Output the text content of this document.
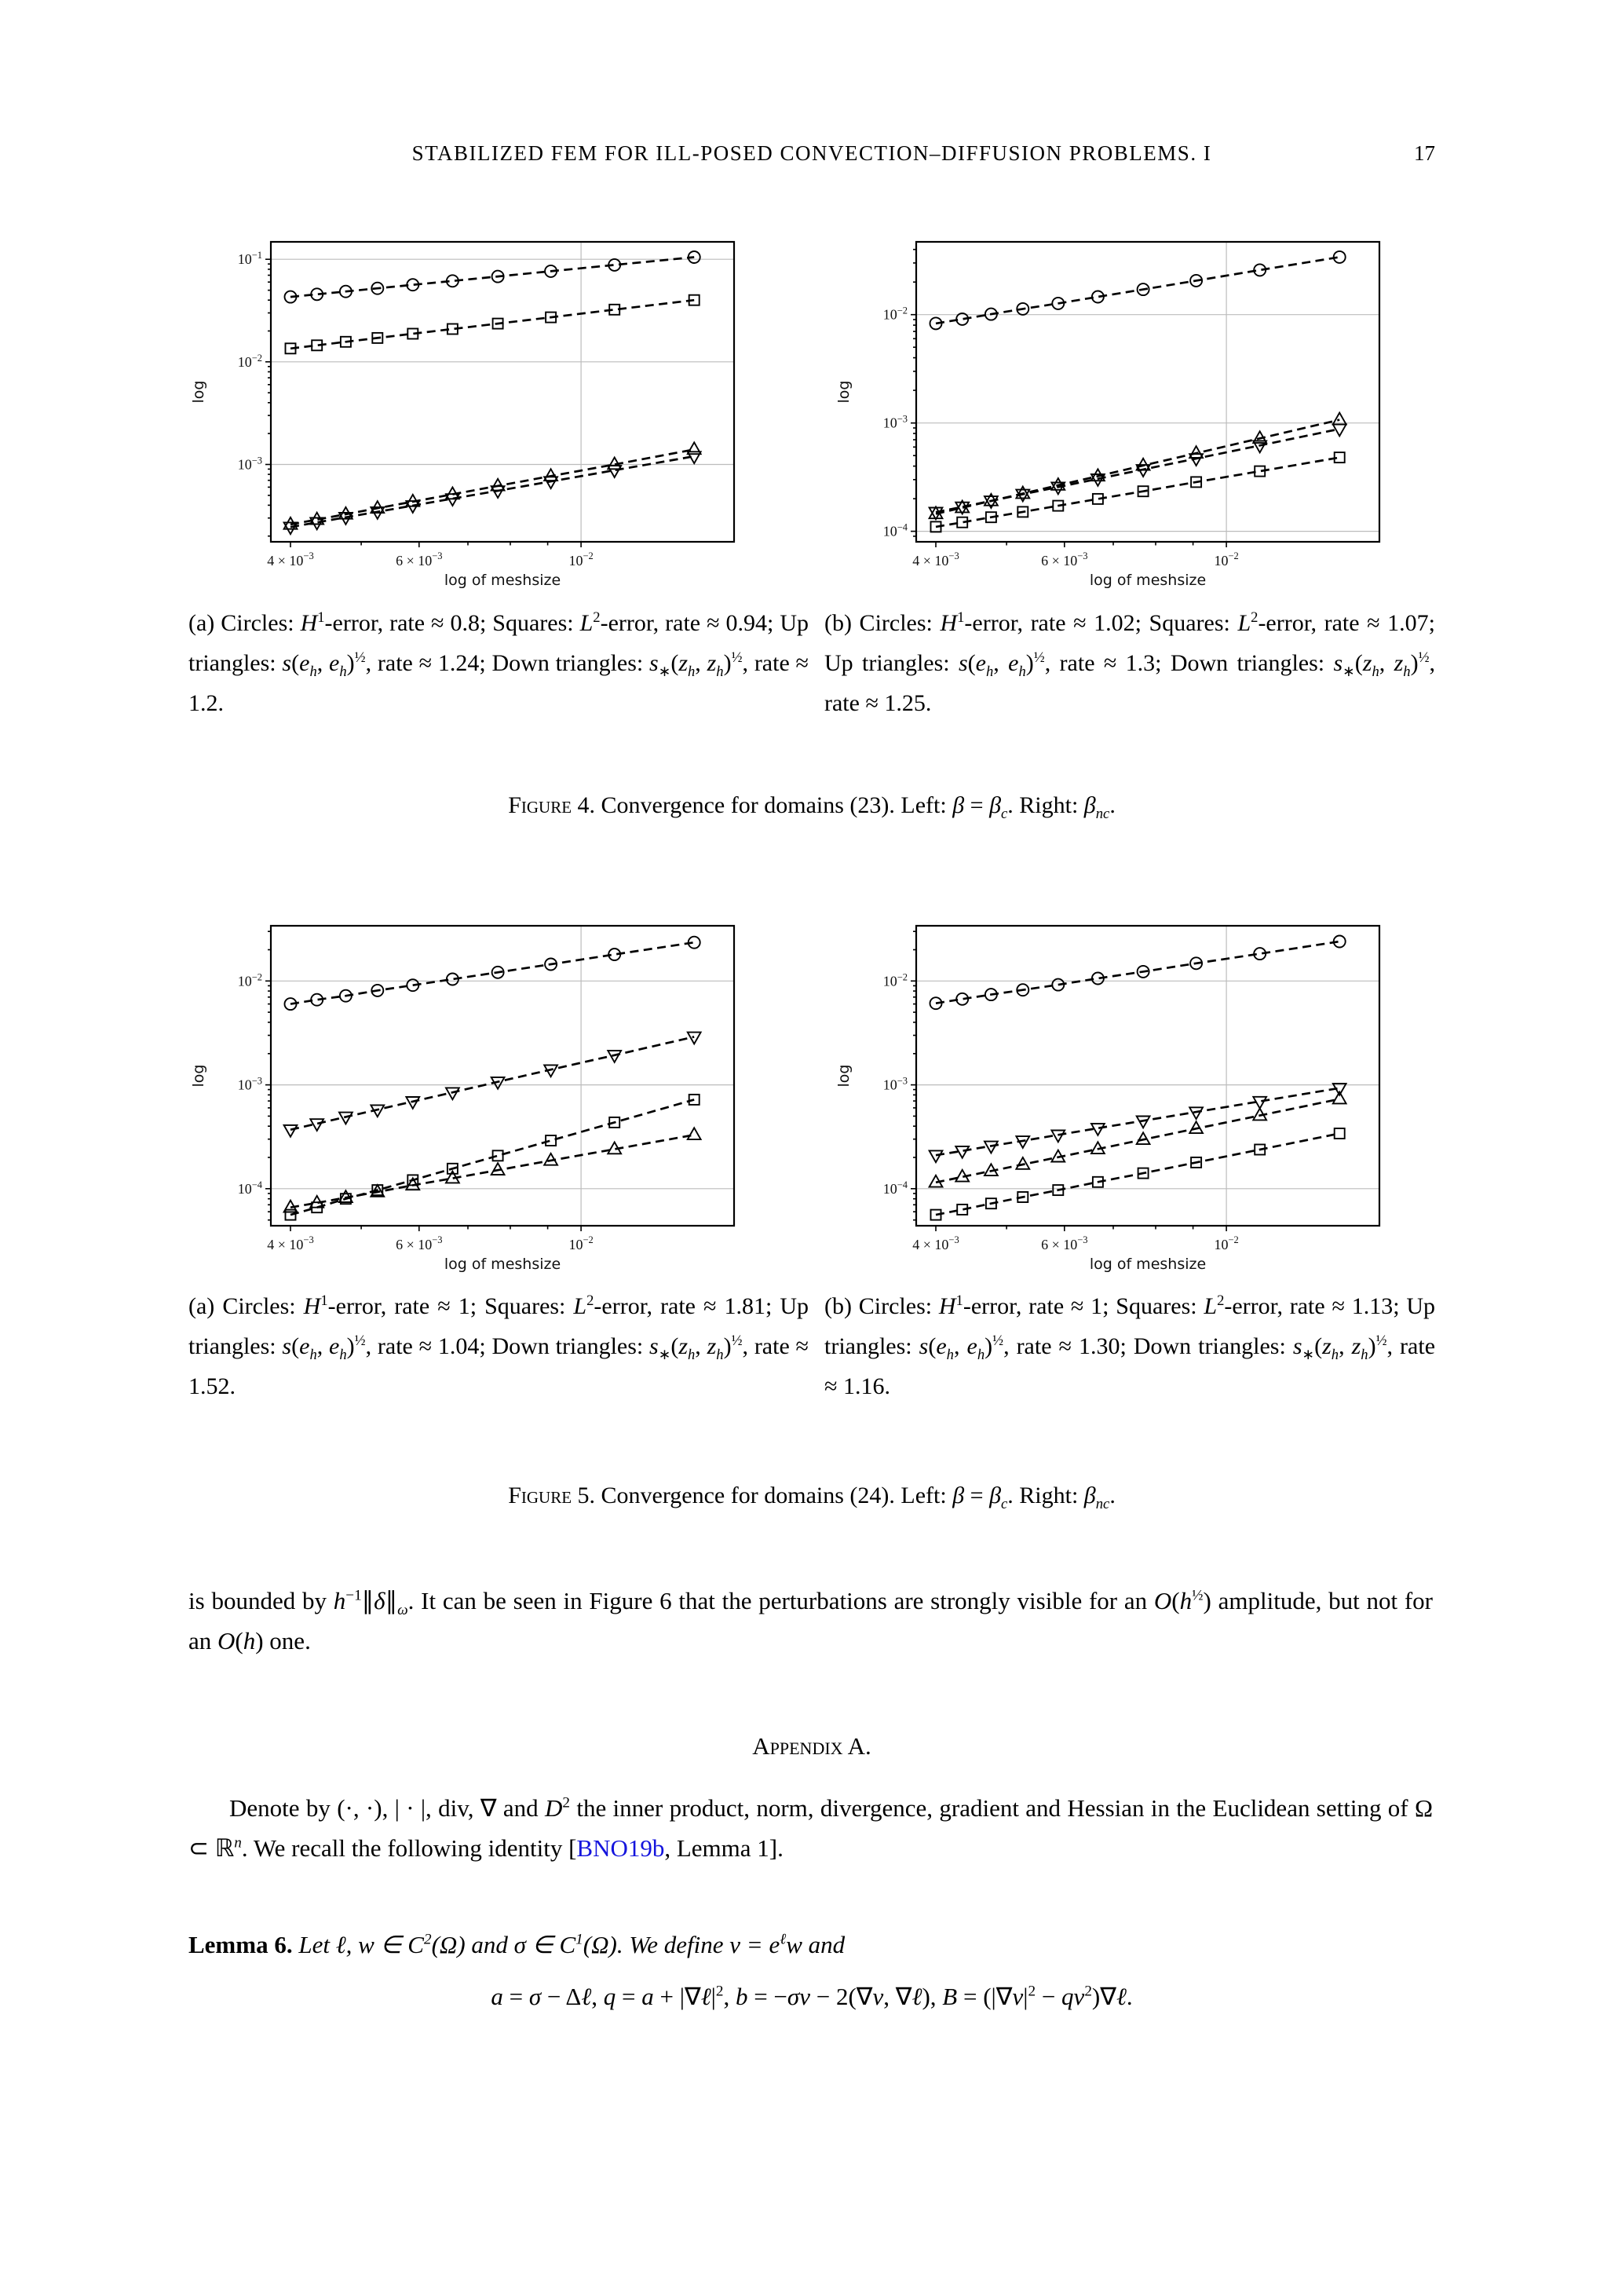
STABILIZED FEM FOR ILL-POSED CONVECTION–DIFFUSION PROBLEMS. I	17
$4 \times 10^{-3}$	$6 \times 10^{-3}$	$10^{-2}$
$10^{-1}$
$10^{-2}$
$10^{-3}$
log of meshsize
log
$4 \times 10^{-3}$	$6 \times 10^{-3}$	$10^{-2}$
$10^{-2}$
$10^{-3}$
$10^{-4}$
log of meshsize
log
(a) Circles: $H^1$-error, rate ≈ 0.8; Squares: $L^2$-error, rate ≈ 0.94; Up triangles: $s(e_h$, $e_h)^{\frac{1}{2}}$, rate ≈ 1.24; Down triangles: $s_∗(z_h$, $z_h)^{\frac{1}{2}}$, rate ≈ 1.2.
(b) Circles: $H^1$-error, rate ≈ 1.02; Squares: $L^2$-error, rate ≈ 1.07; Up triangles: $s(e_h$, $e_h)^{\frac{1}{2}}$, rate ≈ 1.3; Down triangles: $s_∗(z_h$, $z_h)^{\frac{1}{2}}$, rate ≈ 1.25.
Figure 4. Convergence for domains (23). Left: $\beta = \beta_c$. Right: $\beta_{nc}$.
$4 \times 10^{-3}$	$6 \times 10^{-3}$	$10^{-2}$
$10^{-2}$
$10^{-3}$
$10^{-4}$
log of meshsize
log
$4 \times 10^{-3}$	$6 \times 10^{-3}$	$10^{-2}$
$10^{-2}$
$10^{-3}$
$10^{-4}$
log of meshsize
log
(a) Circles: $H^1$-error, rate ≈ 1; Squares: $L^2$-error, rate ≈ 1.81; Up triangles: $s(e_h$, $e_h)^{\frac{1}{2}}$, rate ≈ 1.04; Down triangles: $s_∗(z_h$, $z_h)^{\frac{1}{2}}$, rate ≈ 1.52.
(b) Circles: $H^1$-error, rate ≈ 1; Squares: $L^2$-error, rate ≈ 1.13; Up triangles: $s(e_h$, $e_h)^{\frac{1}{2}}$, rate ≈ 1.30; Down triangles: $s_∗(z_h$, $z_h)^{\frac{1}{2}}$, rate ≈ 1.16.
Figure 5. Convergence for domains (24). Left: $\beta = \beta_c$. Right: $\beta_{nc}$.
is bounded by $h^{-1}\parallel\delta\parallel_\omega$. It can be seen in Figure 6 that the perturbations are strongly visible for an $O(h^{\frac{1}{2}})$ amplitude, but not for an O(h) one.
Appendix A.
Denote by (·, ·), | · |, div, ∇ and $D^2$ the inner product, norm, divergence, gradient and Hessian in the Euclidean setting of Ω ⊂ ℝ$^n$. We recall the following identity [BNO19b, Lemma 1].
Lemma 6. Let ℓ, w ∈ $C^2(\Omega)$ and σ ∈ $C^1(\Omega)$. We define $v = e^\ell w$ and
a = σ − Δℓ, $q = a + |\nabla\ell|^2$, b = −σv − 2(∇v, ∇ℓ), $B = (|\nabla v|^2$ − $qv^2)\nabla\ell$.
